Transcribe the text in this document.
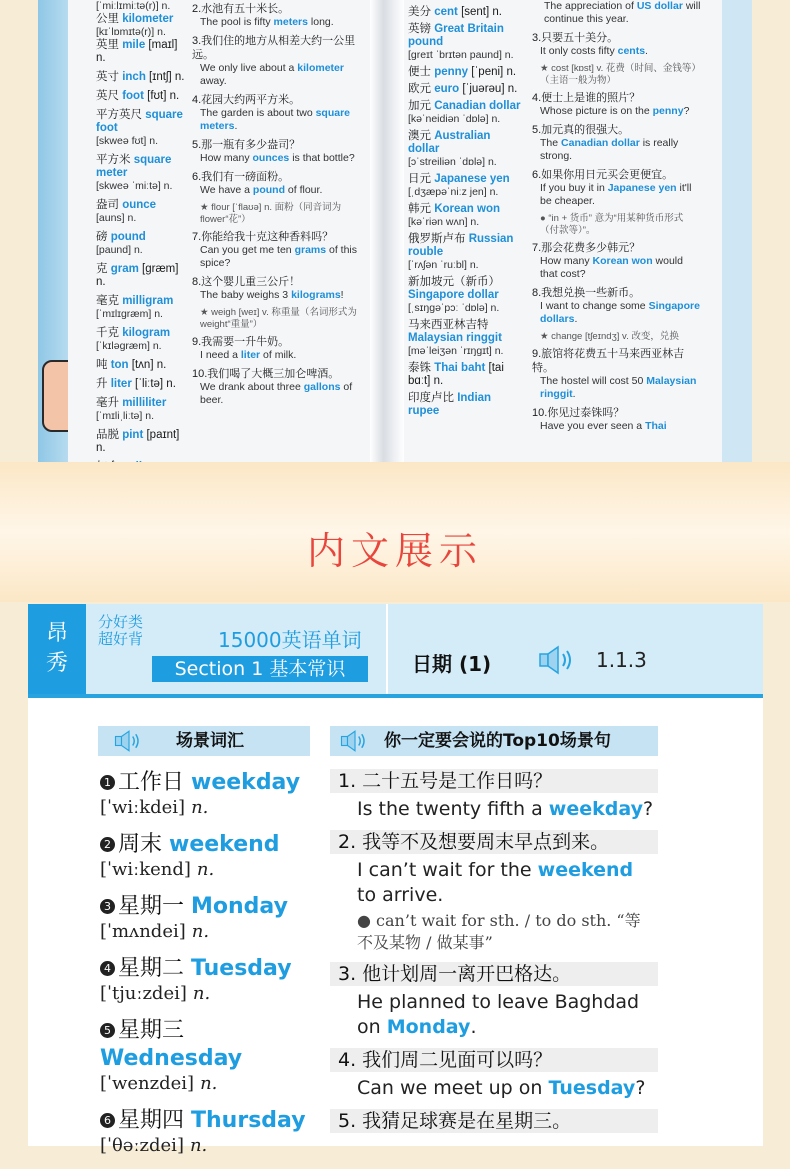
[ˈmiːlɪmiːtə(r)] n.

公里 kilometer

[kɪˈlɒmɪtə(r)] n.

英里 mile [maɪl] n.

英寸 inch [ɪntʃ] n.

英尺 foot [fʊt] n.

平方英尺 square foot

[skweə fʊt] n.

平方米 square meter

[skweə ˈmiːtə] n.

盎司 ounce

[auns] n.

磅 pound

[paund] n.

克 gram [græm] n.

毫克 milligram

[ˈmɪlɪɡræm] n.

千克 kilogram

[ˈkɪləɡræm] n.

吨 ton [tʌn] n.

升 liter [ˈliːtə] n.

毫升 milliliter

[ˈmɪliˌliːtə] n.

品脱 pint [paɪnt] n.

2.水池有五十米长。

The pool is fifty meters long.

3.我们住的地方从相差大约一公里远。

We only live about a kilometer away.

4.花园大约两平方米。

The garden is about two square meters.

5.那一瓶有多少盎司？

How many ounces is that bottle?

6.我们有一磅面粉。

We have a pound of flour.

★ flour [ˈflaʊə] n. 面粉（同音词为 flower“花”）

7.你能给我十克这种香料吗？

Can you get me ten grams of this spice?

8.这个婴儿重三公斤！

The baby weighs 3 kilograms!

★ weigh [weɪ] v. 称重量（名词形式为 weight“重量”）

9.我需要一升牛奶。

I need a liter of milk.

10.我们喝了大概三加仑啤酒。

We drank about three gallons of beer.

美分 cent [sent] n.

英镑 Great Britain pound

[greɪt ˈbrɪtən paund] n.

便士 penny [ˈpeni] n.

欧元 euro [ˈjuərəu] n.

加元 Canadian dollar

[kəˈneidiən ˈdɒlə] n.

澳元 Australian dollar

[ɔˈstreiliən ˈdɒlə] n.

日元 Japanese yen

[ˌdʒæpəˈniːz jen] n.

韩元 Korean won

[kəˈriən wʌn] n.

俄罗斯卢布 Russian rouble

[ˈrʌʃən ˈruːbl] n.

新加坡元（新币） Singapore dollar

[ˌsɪŋɡəˈpɔː ˈdɒlə] n.

马来西亚林吉特 Malaysian ringgit

[məˈleiʒən ˈrɪŋɡɪt] n.

泰铢 Thai baht [tai bɑːt] n.

印度卢比 Indian rupee

The appreciation of US dollar will continue this year.

3.只要五十美分。

It only costs fifty cents.

★ cost [kɒst] v. 花费（时间、金钱等）（主语一般为物）

4.便士上是谁的照片？

Whose picture is on the penny?

5.加元真的很强大。

The Canadian dollar is really strong.

6.如果你用日元买会更便宜。

If you buy it in Japanese yen it'll be cheaper.

● “in + 货币” 意为“用某种货币形式（付款等）”。

7.那会花费多少韩元？

How many Korean won would that cost?

8.我想兑换一些新币。

I want to change some Singapore dollars.

★ change [tʃeɪndʒ] v. 改变，兑换

9.旅馆将花费五十马来西亚林吉特。

The hostel will cost 50 Malaysian ringgit.

10.你见过泰铢吗？

Have you ever seen a Thai

内文展示
昂
秀
分好类
超好背	15000英语单词
Section 1 基本常识	日期 (1)	1.1.3
场景词汇	你一定要会说的Top10场景句
1 工作日 weekday
[ˈwiːkdei] n.
2 周末 weekend
[ˈwiːkend] n.
3 星期一 Monday
[ˈmʌndei] n.
4 星期二 Tuesday
[ˈtjuːzdei] n.
5 星期三
Wednesday
[ˈwenzdei] n.
6 星期四 Thursday
[ˈθəːzdei] n.
1. 二十五号是工作日吗？
Is the twenty fifth a weekday?
2. 我等不及想要周末早点到来。
I can’t wait for the weekend to arrive.
● can’t wait for sth. / to do sth. “等不及某物 / 做某事”
3. 他计划周一离开巴格达。
He planned to leave Baghdad on Monday.
4. 我们周二见面可以吗？
Can we meet up on Tuesday?
5. 我猜足球赛是在星期三。
